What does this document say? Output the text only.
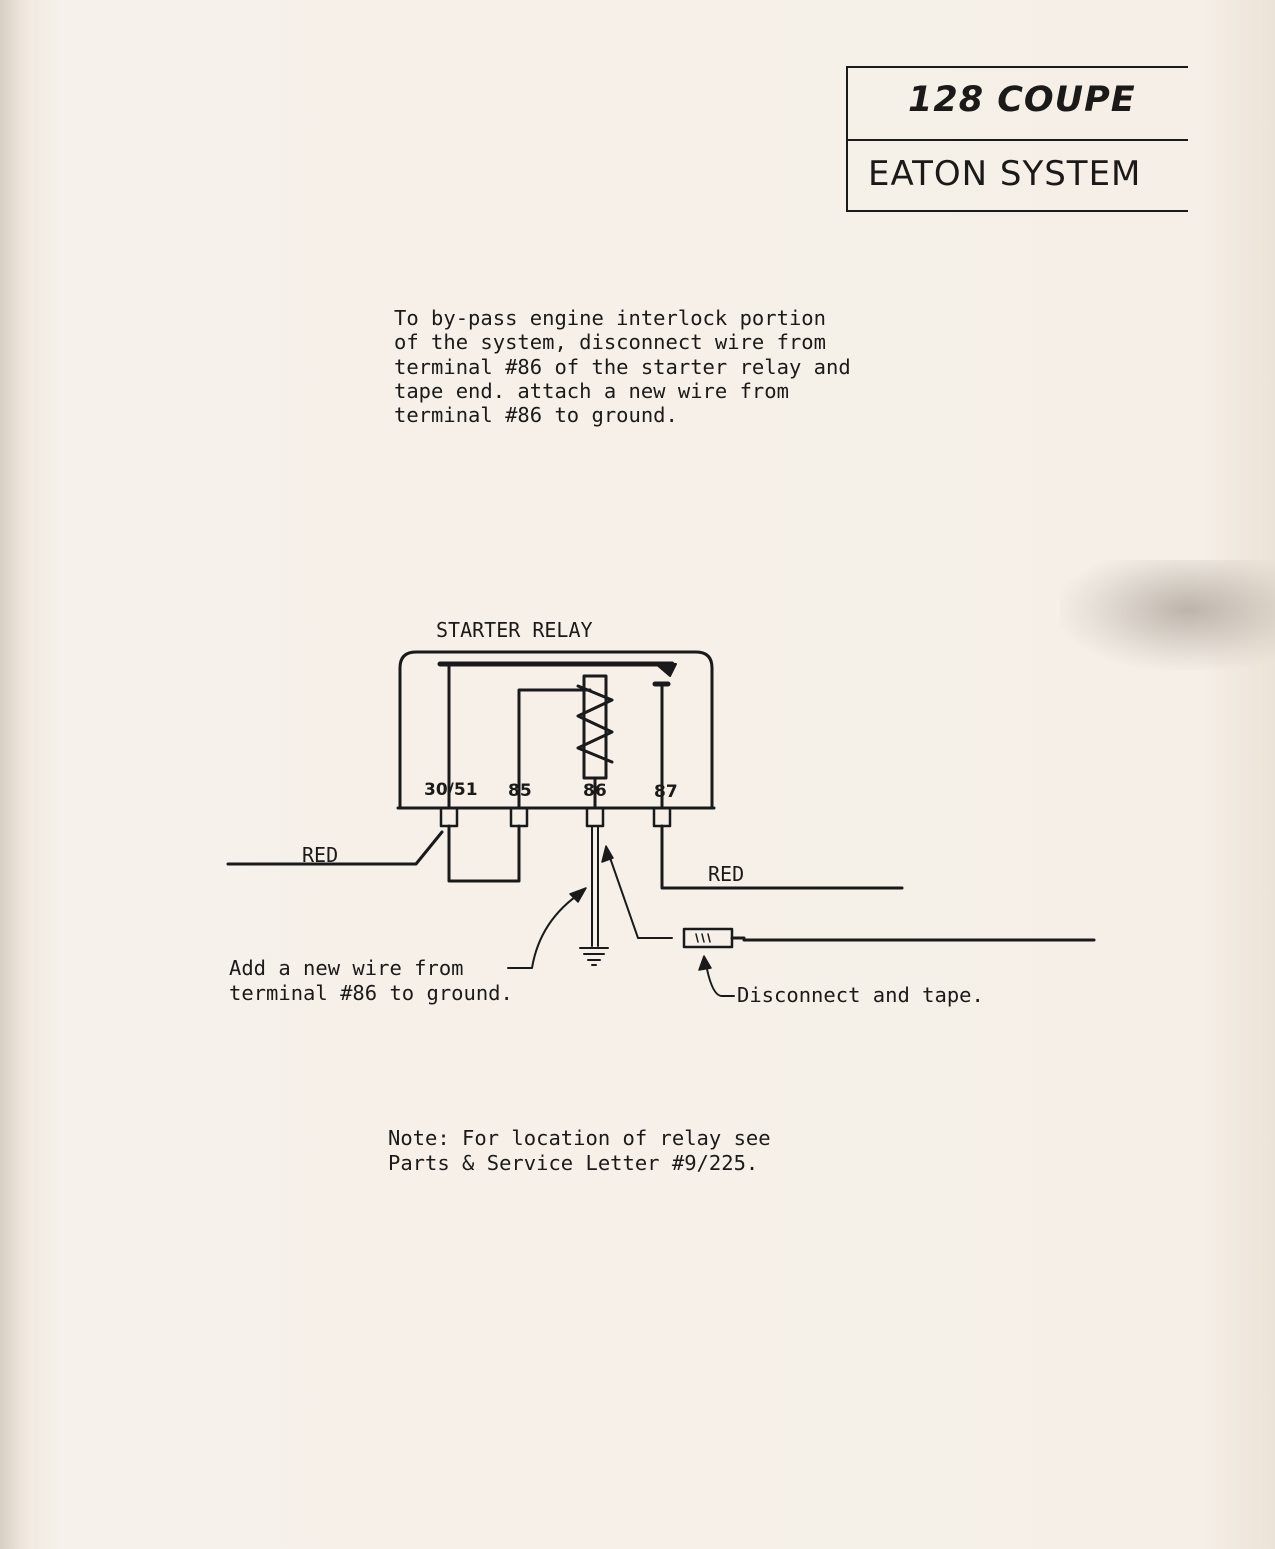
128 COUPE
EATON SYSTEM

To by-pass engine interlock portion
of the system, disconnect wire from
terminal #86 of the starter relay and
tape end. attach a new wire from
terminal #86 to ground.

STARTER RELAY
30/51 85	86	87
RED
RED
Add a new wire from
terminal #86 to ground.	Disconnect and tape.

Note: For location of relay see
Parts & Service Letter #9/225.
